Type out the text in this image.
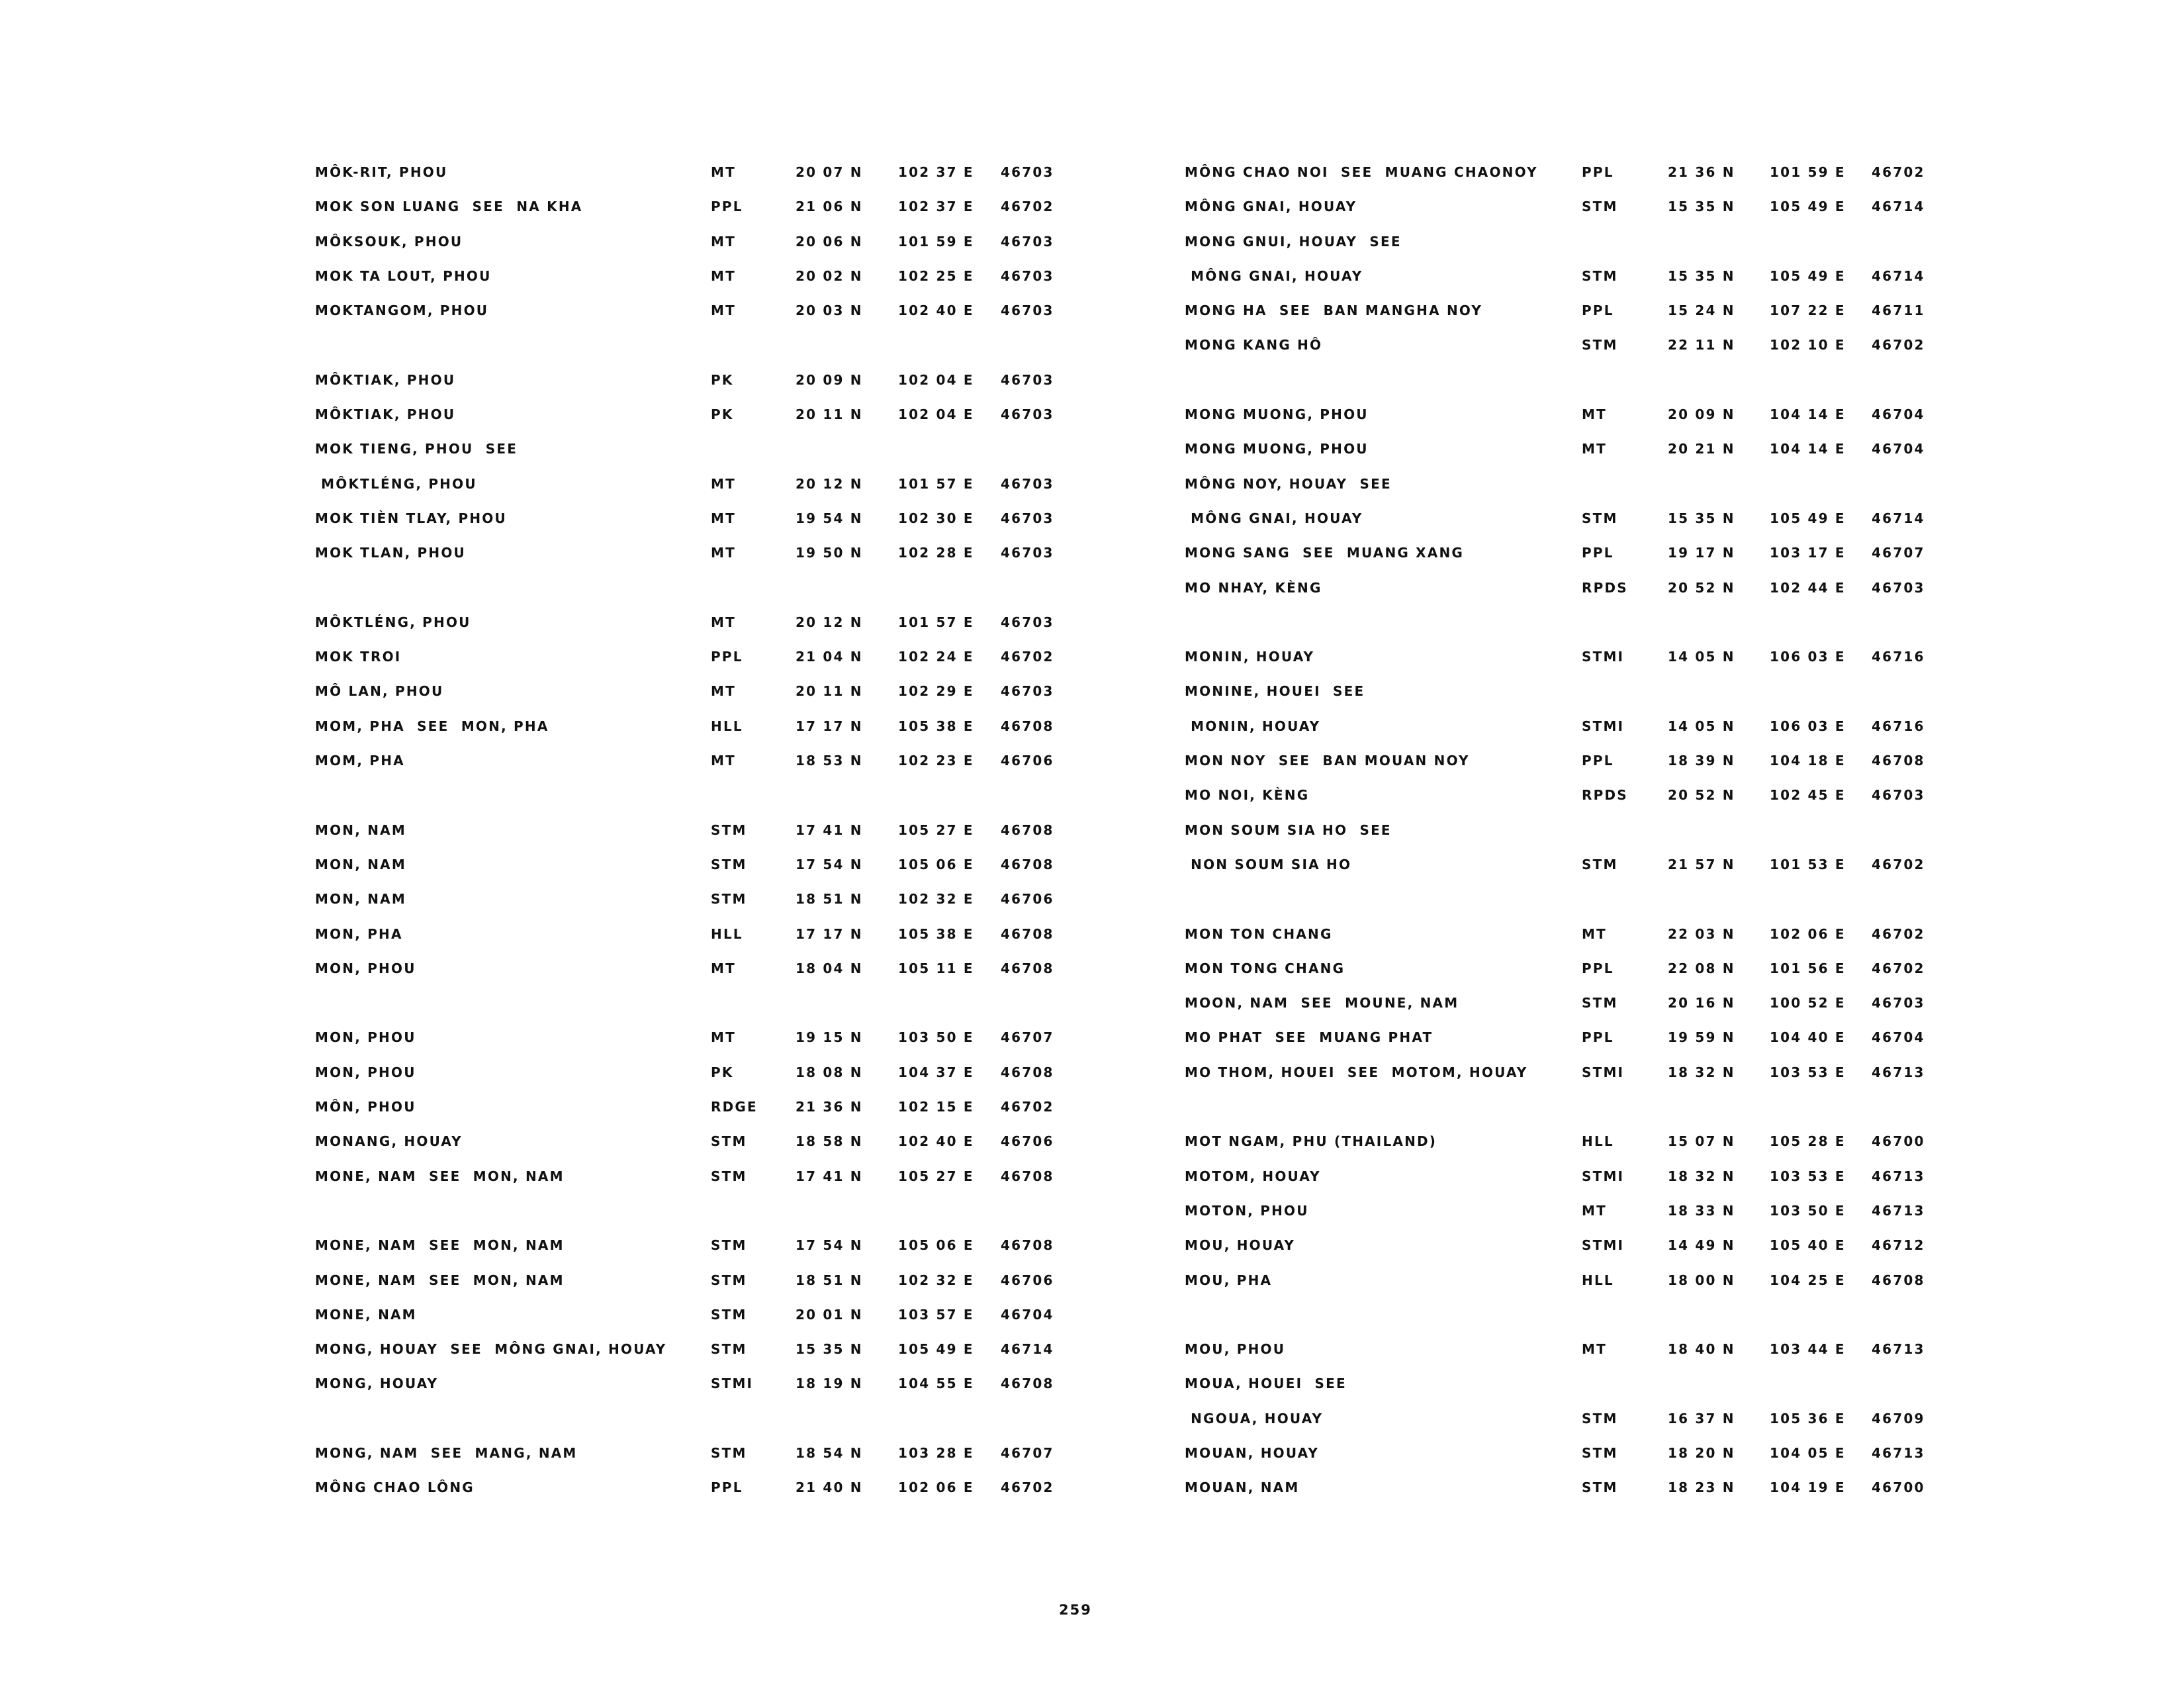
MÔK-RIT, PHOU	MT	20 07 N	102 37 E 46703
MOK SON LUANG  SEE  NA KHA	PPL	21 06 N	102 37 E 46702
MÔKSOUK, PHOU	MT	20 06 N	101 59 E 46703
MOK TA LOUT, PHOU	MT	20 02 N	102 25 E 46703
MOKTANGOM, PHOU	MT	20 03 N	102 40 E 46703
MÔKTIAK, PHOU	PK	20 09 N	102 04 E 46703
MÔKTIAK, PHOU	PK	20 11 N	102 04 E 46703
MOK TIENG, PHOU  SEE
MÔKTLÉNG, PHOU	MT	20 12 N	101 57 E 46703
MOK TIÈN TLAY, PHOU	MT	19 54 N	102 30 E 46703
MOK TLAN, PHOU	MT	19 50 N	102 28 E 46703
MÔKTLÉNG, PHOU	MT	20 12 N	101 57 E 46703
MOK TROI	PPL	21 04 N	102 24 E 46702
MÔ LAN, PHOU	MT	20 11 N	102 29 E 46703
MOM, PHA  SEE  MON, PHA	HLL	17 17 N	105 38 E 46708
MOM, PHA	MT	18 53 N	102 23 E 46706
MON, NAM	STM	17 41 N	105 27 E 46708
MON, NAM	STM	17 54 N	105 06 E 46708
MON, NAM	STM	18 51 N	102 32 E 46706
MON, PHA	HLL	17 17 N	105 38 E 46708
MON, PHOU	MT	18 04 N	105 11 E 46708
MON, PHOU	MT	19 15 N	103 50 E 46707
MON, PHOU	PK	18 08 N	104 37 E 46708
MÔN, PHOU	RDGE	21 36 N	102 15 E 46702
MONANG, HOUAY	STM	18 58 N	102 40 E 46706
MONE, NAM  SEE  MON, NAM	STM	17 41 N	105 27 E 46708
MONE, NAM  SEE  MON, NAM	STM	17 54 N	105 06 E 46708
MONE, NAM  SEE  MON, NAM	STM	18 51 N	102 32 E 46706
MONE, NAM	STM	20 01 N	103 57 E 46704
MONG, HOUAY  SEE  MÔNG GNAI, HOUAY	STM	15 35 N	105 49 E 46714
MONG, HOUAY	STMI	18 19 N	104 55 E 46708
MONG, NAM  SEE  MANG, NAM	STM	18 54 N	103 28 E 46707
MÔNG CHAO LÔNG	PPL	21 40 N	102 06 E 46702
MÔNG CHAO NOI  SEE  MUANG CHAONOY	PPL	21 36 N	101 59 E 46702
MÔNG GNAI, HOUAY	STM	15 35 N	105 49 E 46714
MONG GNUI, HOUAY  SEE
MÔNG GNAI, HOUAY	STM	15 35 N	105 49 E 46714
MONG HA  SEE  BAN MANGHA NOY	PPL	15 24 N	107 22 E 46711
MONG KANG HÔ	STM	22 11 N	102 10 E 46702
MONG MUONG, PHOU	MT	20 09 N	104 14 E 46704
MONG MUONG, PHOU	MT	20 21 N	104 14 E 46704
MÔNG NOY, HOUAY  SEE
MÔNG GNAI, HOUAY	STM	15 35 N	105 49 E 46714
MONG SANG  SEE  MUANG XANG	PPL	19 17 N	103 17 E 46707
MO NHAY, KÈNG	RPDS	20 52 N	102 44 E 46703
MONIN, HOUAY	STMI	14 05 N	106 03 E 46716
MONINE, HOUEI  SEE
MONIN, HOUAY	STMI	14 05 N	106 03 E 46716
MON NOY  SEE  BAN MOUAN NOY	PPL	18 39 N	104 18 E 46708
MO NOI, KÈNG	RPDS	20 52 N	102 45 E 46703
MON SOUM SIA HO  SEE
NON SOUM SIA HO	STM	21 57 N	101 53 E 46702
MON TON CHANG	MT	22 03 N	102 06 E 46702
MON TONG CHANG	PPL	22 08 N	101 56 E 46702
MOON, NAM  SEE  MOUNE, NAM	STM	20 16 N	100 52 E 46703
MO PHAT  SEE  MUANG PHAT	PPL	19 59 N	104 40 E 46704
MO THOM, HOUEI  SEE  MOTOM, HOUAY	STMI	18 32 N	103 53 E 46713
MOT NGAM, PHU (THAILAND)	HLL	15 07 N	105 28 E 46700
MOTOM, HOUAY	STMI	18 32 N	103 53 E 46713
MOTON, PHOU	MT	18 33 N	103 50 E 46713
MOU, HOUAY	STMI	14 49 N	105 40 E 46712
MOU, PHA	HLL	18 00 N	104 25 E 46708
MOU, PHOU	MT	18 40 N	103 44 E 46713
MOUA, HOUEI  SEE
NGOUA, HOUAY	STM	16 37 N	105 36 E 46709
MOUAN, HOUAY	STM	18 20 N	104 05 E 46713
MOUAN, NAM	STM	18 23 N	104 19 E 46700
259
